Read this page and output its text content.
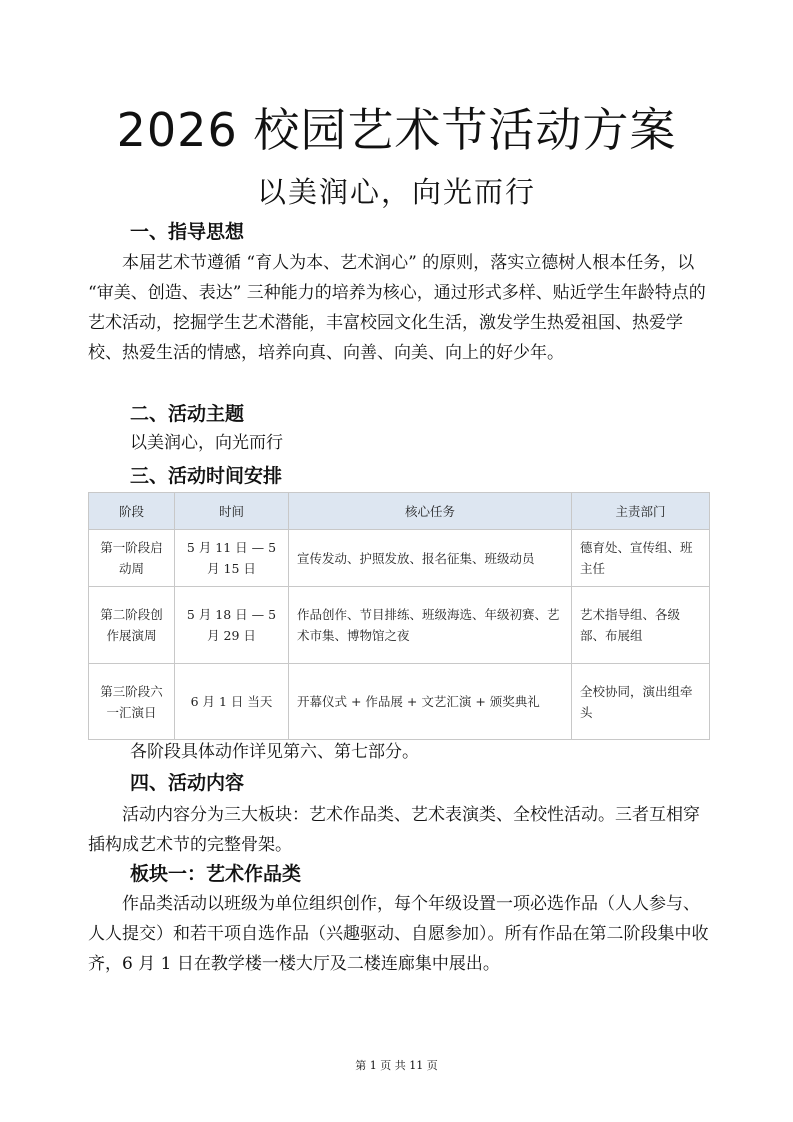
2026 校园艺术节活动方案
以美润心，向光而行
一、指导思想

本届艺术节遵循 “育人为本、艺术润心” 的原则，落实立德树人根本任务，以 “审美、创造、表达” 三种能力的培养为核心，通过形式多样、贴近学生年龄特点的艺术活动，挖掘学生艺术潜能，丰富校园文化生活，激发学生热爱祖国、热爱学校、热爱生活的情感，培养向真、向善、向美、向上的好少年。

二、活动主题
以美润心，向光而行
三、活动时间安排
阶段	时间	核心任务	主责部门
第一阶段启动周	5 月 11 日 — 5 月 15 日	宣传发动、护照发放、报名征集、班级动员	德育处、宣传组、班主任
第二阶段创作展演周	5 月 18 日 — 5 月 29 日	作品创作、节目排练、班级海选、年级初赛、艺术市集、博物馆之夜	艺术指导组、各级部、布展组
第三阶段六一汇演日	6 月 1 日 当天	开幕仪式 + 作品展 + 文艺汇演 + 颁奖典礼	全校协同，演出组牵头
各阶段具体动作详见第六、第七部分。
四、活动内容

活动内容分为三大板块：艺术作品类、艺术表演类、全校性活动。三者互相穿插构成艺术节的完整骨架。

板块一：艺术作品类

作品类活动以班级为单位组织创作，每个年级设置一项必选作品（人人参与、人人提交）和若干项自选作品（兴趣驱动、自愿参加）。所有作品在第二阶段集中收齐，6 月 1 日在教学楼一楼大厅及二楼连廊集中展出。

第 1 页 共 11 页
